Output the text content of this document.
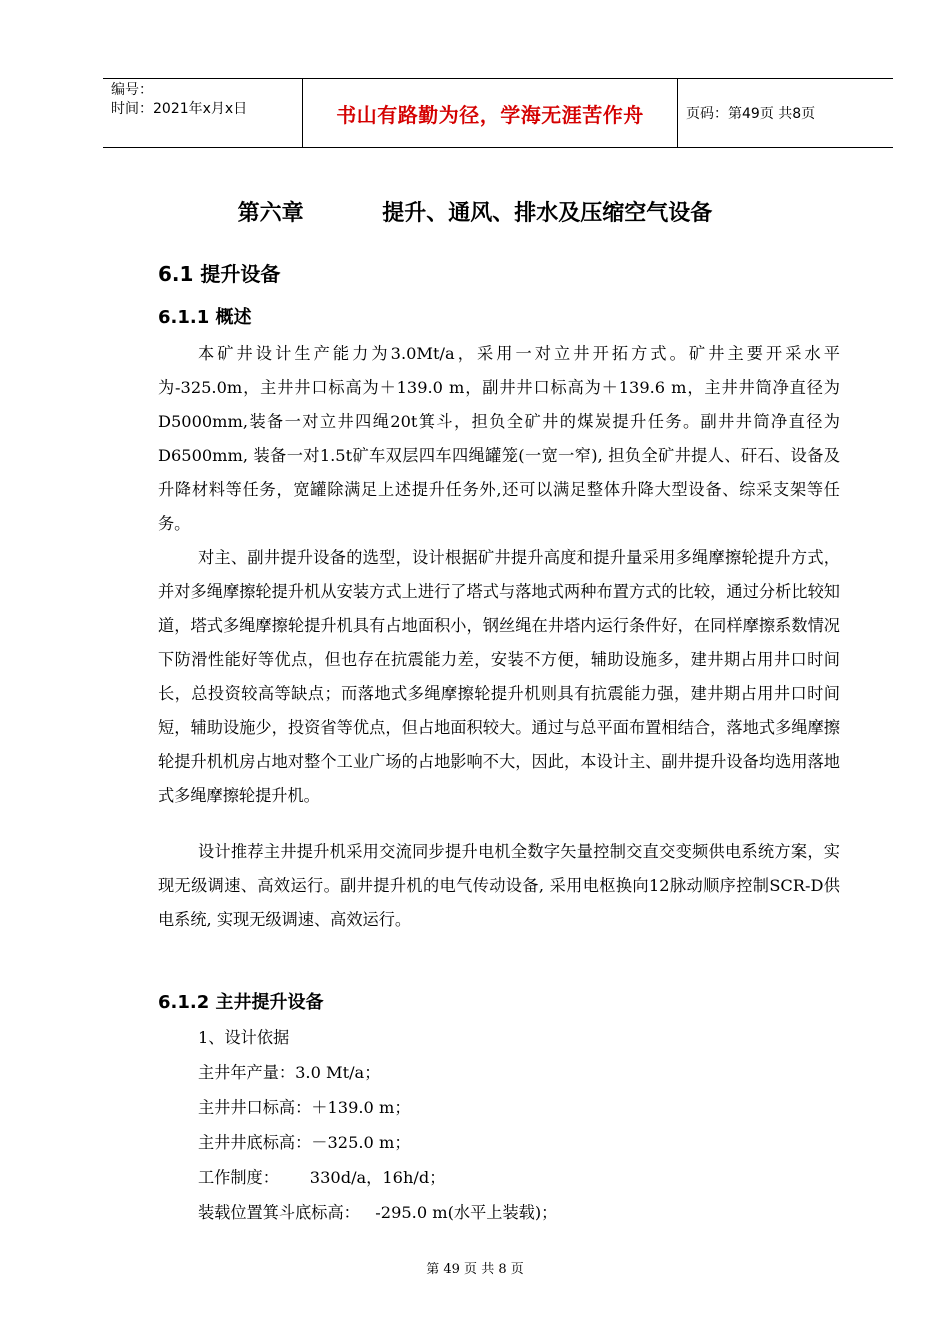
编号：
时间：2021年x月x日	书山有路勤为径，学海无涯苦作舟	页码：第49页 共8页
第六章    提升、通风、排水及压缩空气设备
6.1 提升设备
6.1.1 概述

本矿井设计生产能力为3.0Mt/a，采用一对立井开拓方式。矿井主要开采水平为-325.0m，主井井口标高为＋139.0 m，副井井口标高为＋139.6 m，主井井筒净直径为D5000mm,装备一对立井四绳20t箕斗，担负全矿井的煤炭提升任务。副井井筒净直径为D6500mm, 装备一对1.5t矿车双层四车四绳罐笼(一宽一窄), 担负全矿井提人、矸石、设备及升降材料等任务，宽罐除满足上述提升任务外,还可以满足整体升降大型设备、综采支架等任务。

对主、副井提升设备的选型，设计根据矿井提升高度和提升量采用多绳摩擦轮提升方式，并对多绳摩擦轮提升机从安装方式上进行了塔式与落地式两种布置方式的比较，通过分析比较知道，塔式多绳摩擦轮提升机具有占地面积小，钢丝绳在井塔内运行条件好，在同样摩擦系数情况下防滑性能好等优点，但也存在抗震能力差，安装不方便，辅助设施多，建井期占用井口时间长，总投资较高等缺点；而落地式多绳摩擦轮提升机则具有抗震能力强，建井期占用井口时间短，辅助设施少，投资省等优点，但占地面积较大。通过与总平面布置相结合，落地式多绳摩擦轮提升机机房占地对整个工业广场的占地影响不大，因此，本设计主、副井提升设备均选用落地式多绳摩擦轮提升机。

设计推荐主井提升机采用交流同步提升电机全数字矢量控制交直交变频供电系统方案，实现无级调速、高效运行。副井提升机的电气传动设备, 采用电枢换向12脉动顺序控制SCR-D供电系统, 实现无级调速、高效运行。

6.1.2 主井提升设备
1、设计依据
主井年产量：3.0 Mt/a；
主井井口标高：＋139.0 m；
主井井底标高：－325.0 m；
工作制度：      330d/a，16h/d；
装载位置箕斗底标高：   -295.0 m(水平上装载)；
第 49 页 共 8 页
